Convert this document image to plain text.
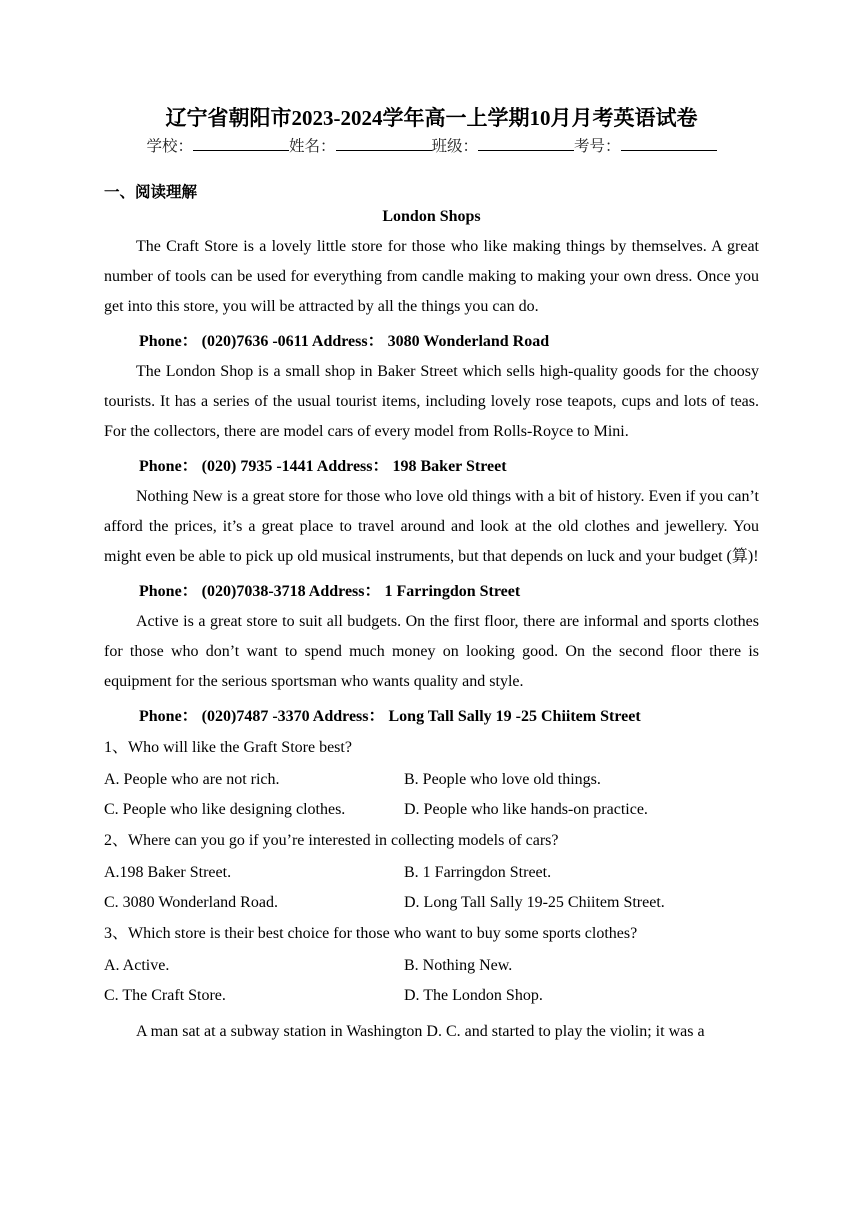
辽宁省朝阳市2023-2024学年高一上学期10月月考英语试卷
学校：	姓名：	班级：	考号：
一、阅读理解
London Shops

The Craft Store is a lovely little store for those who like making things by themselves. A great number of tools can be used for everything from candle making to making your own dress. Once you get into this store, you will be attracted by all the things you can do.

Phone： (020)7636 -0611 Address： 3080 Wonderland Road

The London Shop is a small shop in Baker Street which sells high-quality goods for the choosy tourists. It has a series of the usual tourist items, including lovely rose teapots, cups and lots of teas. For the collectors, there are model cars of every model from Rolls-Royce to Mini.

Phone： (020) 7935 -1441 Address： 198 Baker Street

Nothing New is a great store for those who love old things with a bit of history. Even if you can’t afford the prices, it’s a great place to travel around and look at the old clothes and jewellery. You might even be able to pick up old musical instruments, but that depends on luck and your budget (算)!

Phone： (020)7038-3718 Address： 1 Farringdon Street

Active is a great store to suit all budgets. On the first floor, there are informal and sports clothes for those who don’t want to spend much money on looking good. On the second floor there is equipment for the serious sportsman who wants quality and style.

Phone： (020)7487 -3370 Address： Long Tall Sally 19 -25 Chiitem Street
1、Who will like the Graft Store best?
A. People who are not rich.	B. People who love old things.
C. People who like designing clothes.	D. People who like hands-on practice.
2、Where can you go if you’re interested in collecting models of cars?
A.198 Baker Street.	B. 1 Farringdon Street.
C. 3080 Wonderland Road.	D. Long Tall Sally 19-25 Chiitem Street.
3、Which store is their best choice for those who want to buy some sports clothes?
A. Active.	B. Nothing New.
C. The Craft Store.	D. The London Shop.

A man sat at a subway station in Washington D. C. and started to play the violin; it was a
